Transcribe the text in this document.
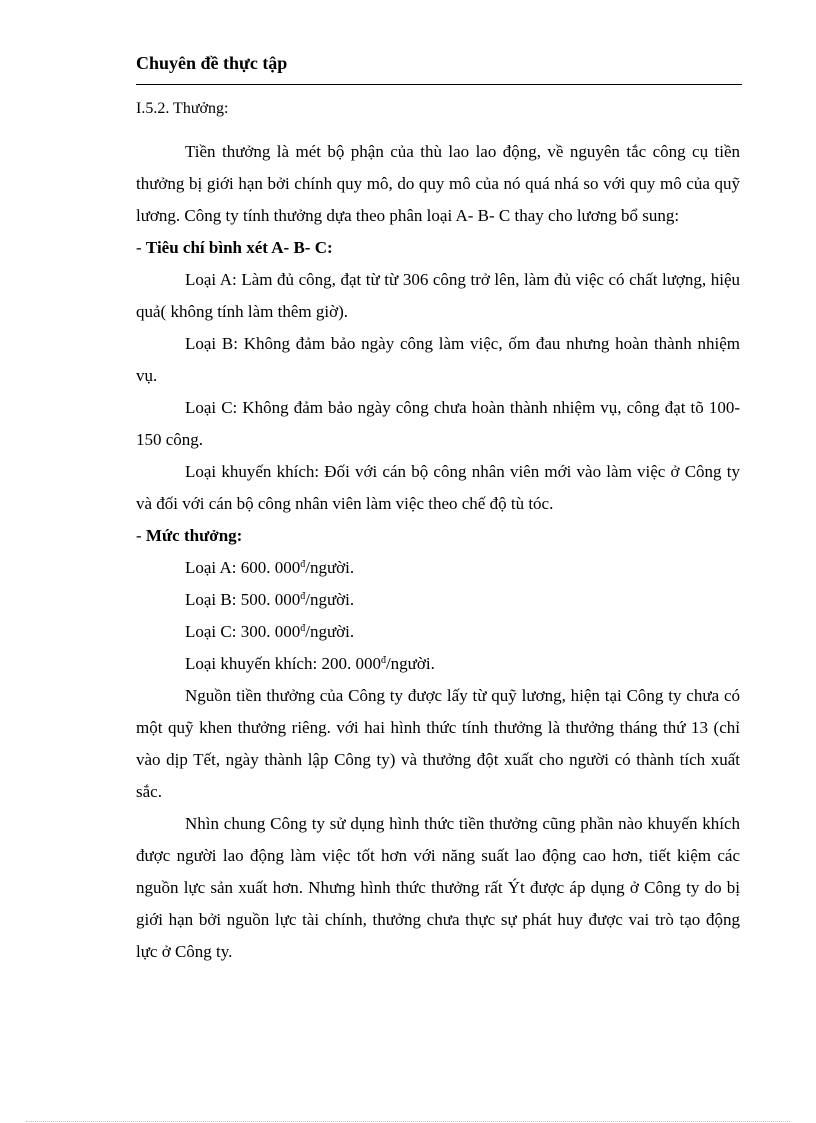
Chuyên đề thực tập
I.5.2. Thưởng:

Tiền thưởng là mét bộ phận của thù lao lao động, về nguyên tắc công cụ tiền thưởng bị giới hạn bởi chính quy mô, do quy mô của nó quá nhá so với quy mô của quỹ lương. Công ty tính thưởng dựa theo phân loại A- B- C thay cho lương bổ sung:

- Tiêu chí bình xét A- B- C:

Loại A: Làm đủ công, đạt từ từ 306 công trở lên, làm đủ việc có chất lượng, hiệu quả( không tính làm thêm giờ).

Loại B: Không đảm bảo ngày công làm việc, ốm đau nhưng hoàn thành nhiệm vụ.

Loại C: Không đảm bảo ngày công chưa hoàn thành nhiệm vụ, công đạt tõ 100- 150 công.

Loại khuyến khích: Đối với cán bộ công nhân viên mới vào làm việc ở Công ty và đối với cán bộ công nhân viên làm việc theo chế độ tù tóc.

- Mức thưởng:
Loại A: 600. $000^đ$/người.
Loại B: 500. $000^đ$/người.
Loại C: 300. $000^đ$/người.
Loại khuyến khích: 200. $000^đ$/người.

Nguồn tiền thưởng của Công ty được lấy từ quỹ lương, hiện tại Công ty chưa có một quỹ khen thưởng riêng. với hai hình thức tính thưởng là thưởng tháng thứ 13 (chỉ vào dịp Tết, ngày thành lập Công ty) và thưởng đột xuất cho người có thành tích xuất sắc.

Nhìn chung Công ty sử dụng hình thức tiền thưởng cũng phần nào khuyến khích được người lao động làm việc tốt hơn với năng suất lao động cao hơn, tiết kiệm các nguồn lực sản xuất hơn. Nhưng hình thức thưởng rất Ýt được áp dụng ở Công ty do bị giới hạn bởi nguồn lực tài chính, thưởng chưa thực sự phát huy được vai trò tạo động lực ở Công ty.
